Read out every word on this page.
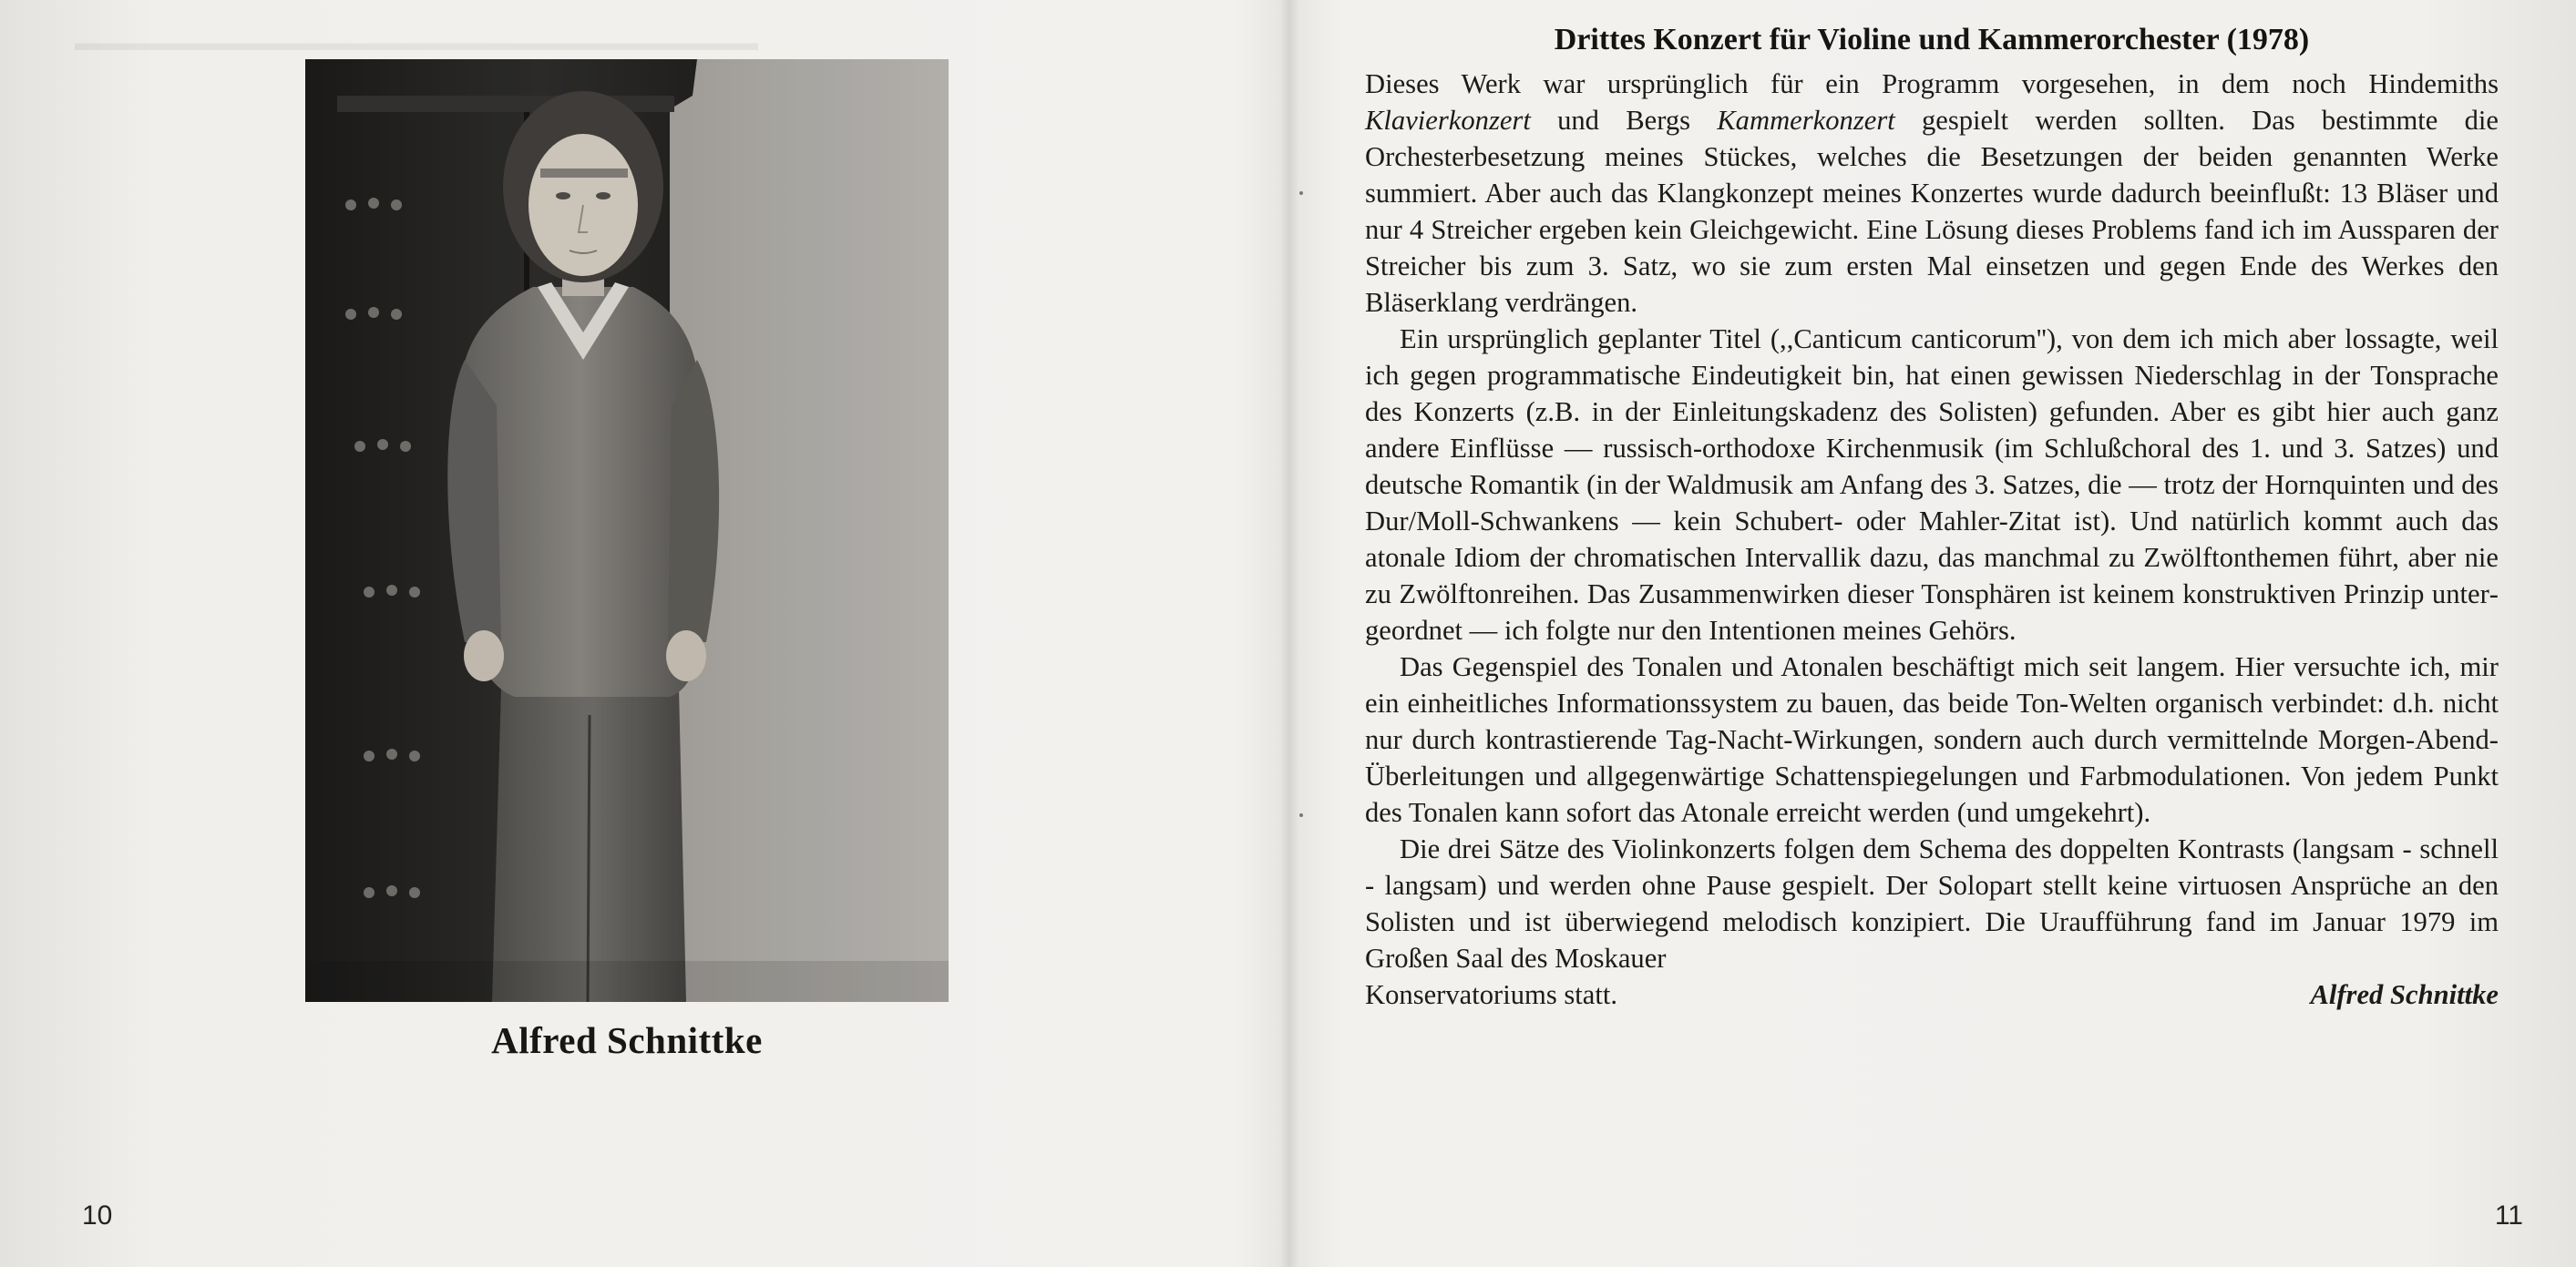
▬▬▬▬▬▬▬▬▬▬▬▬▬▬▬▬▬▬▬▬▬▬▬▬▬▬▬▬▬▬

Alfred Schnittke
10
Drittes Konzert für Violine und Kammerorchester (1978)

Dieses Werk war ursprünglich für ein Programm vorgesehen, in dem noch Hindemiths Klavierkonzert und Bergs Kammerkonzert gespielt werden sollten. Das bestimmte die Orchesterbesetzung meines Stückes, welches die Besetzungen der beiden genannten Werke summiert. Aber auch das Klangkonzept meines Konzertes wurde dadurch beeinflußt: 13 Bläser und nur 4 Streicher ergeben kein Gleichgewicht. Eine Lösung dieses Problems fand ich im Aussparen der Streicher bis zum 3. Satz, wo sie zum ersten Mal einsetzen und gegen Ende des Werkes den Bläserklang verdrängen.

Ein ursprünglich geplanter Titel (,,Canticum canticorum''), von dem ich mich aber lossagte, weil ich gegen programmatische Eindeutigkeit bin, hat einen gewissen Niederschlag in der Tonsprache des Konzerts (z.B. in der Einleitungskadenz des Solisten) gefunden. Aber es gibt hier auch ganz andere Einflüsse — russisch-orthodoxe Kirchenmusik (im Schlußchoral des 1. und 3. Satzes) und deutsche Romantik (in der Waldmusik am Anfang des 3. Satzes, die — trotz der Hornquinten und des Dur/Moll-Schwankens — kein Schubert- oder Mahler-Zitat ist). Und natürlich kommt auch das atonale Idiom der chromatischen Intervallik dazu, das manchmal zu Zwölftonthemen führt, aber nie zu Zwölftonreihen. Das Zusammenwirken dieser Tonsphären ist keinem konstruktiven Prinzip untergeordnet — ich folgte nur den Intentionen meines Gehörs.

Das Gegenspiel des Tonalen und Atonalen beschäftigt mich seit langem. Hier versuchte ich, mir ein einheitliches Informationssystem zu bauen, das beide Ton-Welten organisch verbindet: d.h. nicht nur durch kontrastierende Tag-Nacht-Wirkungen, sondern auch durch vermittelnde Morgen-Abend-Überleitungen und allgegenwärtige Schattenspiegelungen und Farbmodulationen. Von jedem Punkt des Tonalen kann sofort das Atonale erreicht werden (und umgekehrt).

Die drei Sätze des Violinkonzerts folgen dem Schema des doppelten Kontrasts (langsam - schnell - langsam) und werden ohne Pause gespielt. Der Solopart stellt keine virtuosen Ansprüche an den Solisten und ist überwiegend melodisch konzipiert. Die Uraufführung fand im Januar 1979 im Großen Saal des Moskauer

Konservatoriums statt.	Alfred Schnittke
11
